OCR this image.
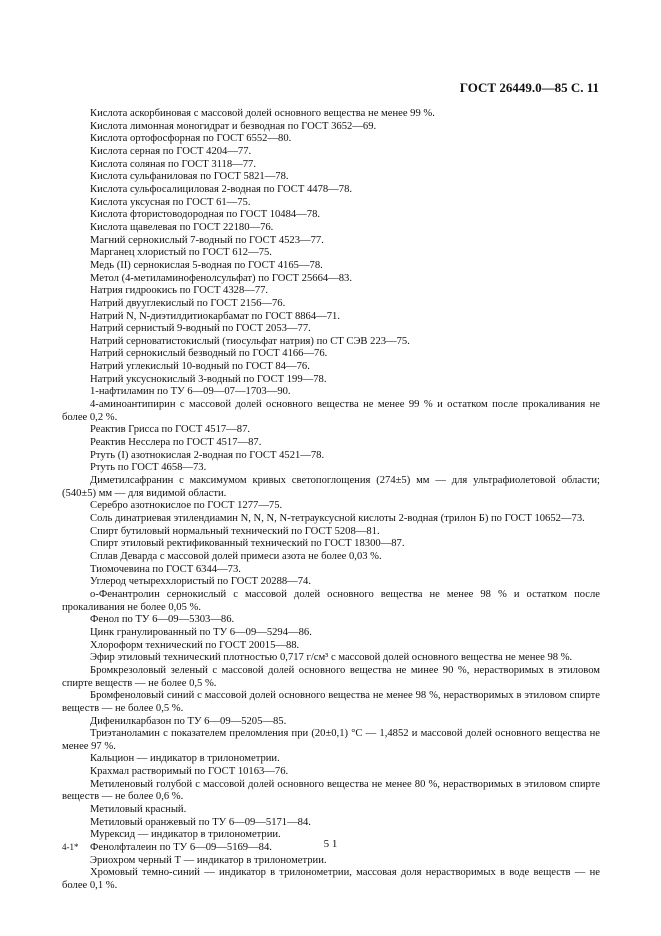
ГОСТ 26449.0—85 С. 11

Кислота аскорбиновая с массовой долей основного вещества не менее 99 %.

Кислота лимонная моногидрат и безводная по ГОСТ 3652—69.

Кислота ортофосфорная по ГОСТ 6552—80.

Кислота серная по ГОСТ 4204—77.

Кислота соляная по ГОСТ 3118—77.

Кислота сульфаниловая по ГОСТ 5821—78.

Кислота сульфосалициловая 2-водная по ГОСТ 4478—78.

Кислота уксусная по ГОСТ 61—75.

Кислота фтористоводородная по ГОСТ 10484—78.

Кислота щавелевая по ГОСТ 22180—76.

Магний сернокислый 7-водный по ГОСТ 4523—77.

Марганец хлористый по ГОСТ 612—75.

Медь (II) сернокислая 5-водная по ГОСТ 4165—78.

Метол (4-метиламинофенолсульфат) по ГОСТ 25664—83.

Натрия гидроокись по ГОСТ 4328—77.

Натрий двууглекислый по ГОСТ 2156—76.

Натрий N, N-диэтилдитиокарбамат по ГОСТ 8864—71.

Натрий сернистый 9-водный по ГОСТ 2053—77.

Натрий серноватистокислый (тиосульфат натрия) по СТ СЭВ 223—75.

Натрий сернокислый безводный по ГОСТ 4166—76.

Натрий углекислый 10-водный по ГОСТ 84—76.

Натрий уксуснокислый 3-водный по ГОСТ 199—78.

1-нафтиламин по ТУ 6—09—07—1703—90.

4-аминоантипирин с массовой долей основного вещества не менее 99 % и остатком после прокаливания не более 0,2 %.

Реактив Грисса по ГОСТ 4517—87.

Реактив Несслера по ГОСТ 4517—87.

Ртуть (I) азотнокислая 2-водная по ГОСТ 4521—78.

Ртуть по ГОСТ 4658—73.

Диметилсафранин с максимумом кривых светопоглощения (274±5) мм — для ультрафиолетовой области; (540±5) мм — для видимой области.

Серебро азотнокислое по ГОСТ 1277—75.

Соль динатриевая этилендиамин N, N, N, N-тетрауксусной кислоты 2-водная (трилон Б) по ГОСТ 10652—73.

Спирт бутиловый нормальный технический по ГОСТ 5208—81.

Спирт этиловый ректификованный технический по ГОСТ 18300—87.

Сплав Деварда с массовой долей примеси азота не более 0,03 %.

Тиомочевина по ГОСТ 6344—73.

Углерод четыреххлористый по ГОСТ 20288—74.

о-Фенантролин сернокислый с массовой долей основного вещества не менее 98 % и остатком после прокаливания не более 0,05 %.

Фенол по ТУ 6—09—5303—86.

Цинк гранулированный по ТУ 6—09—5294—86.

Хлороформ технический по ГОСТ 20015—88.

Эфир этиловый технический плотностью 0,717 г/см³ с массовой долей основного вещества не менее 98 %.

Бромкрезоловый зеленый с массовой долей основного вещества не минее 90 %, нерастворимых в этиловом спирте веществ — не более 0,5 %.

Бромфеноловый синий с массовой долей основного вещества не менее 98 %, нерастворимых в этиловом спирте веществ — не более 0,5 %.

Дифенилкарбазон по ТУ 6—09—5205—85.

Триэтаноламин с показателем преломления при (20±0,1) °С — 1,4852 и массовой долей основного вещества не менее 97 %.

Кальцион — индикатор в трилонометрии.

Крахмал растворимый по ГОСТ 10163—76.

Метиленовый голубой с массовой долей основного вещества не менее 80 %, нерастворимых в этиловом спирте веществ — не более 0,6 %.

Метиловый красный.

Метиловый оранжевый по ТУ 6—09—5171—84.

Мурексид — индикатор в трилонометрии.

Фенолфталеин по ТУ 6—09—5169—84.

Эриохром черный Т — индикатор в трилонометрии.

Хромовый темно-синий — индикатор в трилонометрии, массовая доля нерастворимых в воде веществ — не более 0,1 %.

4-1*	5 1
